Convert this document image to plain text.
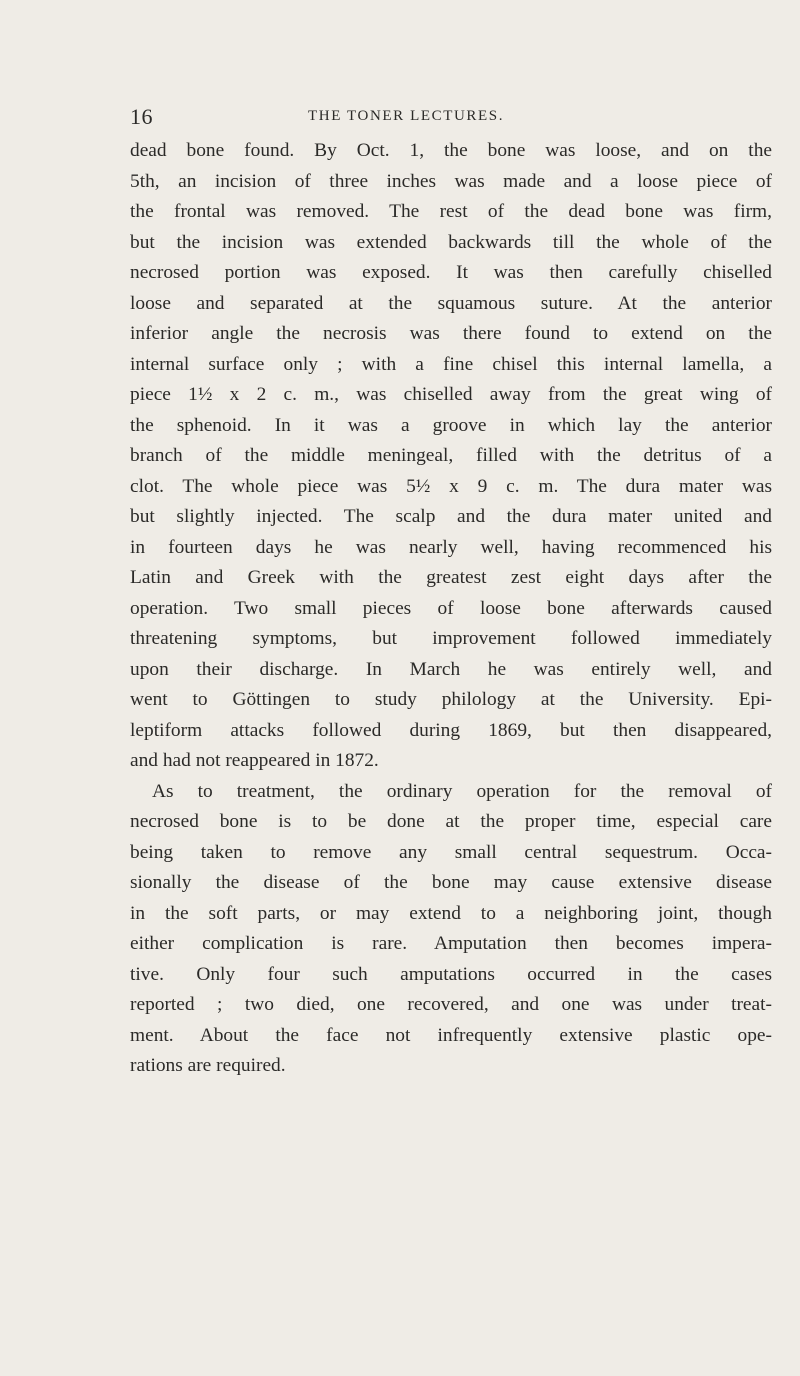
16	THE TONER LECTURES.
dead bone found. By Oct. 1, the bone was loose, and on the
5th, an incision of three inches was made and a loose piece of
the frontal was removed. The rest of the dead bone was firm,
but the incision was extended backwards till the whole of the
necrosed portion was exposed. It was then carefully chiselled
loose and separated at the squamous suture. At the anterior
inferior angle the necrosis was there found to extend on the
internal surface only ; with a fine chisel this internal lamella, a
piece 1½ x 2 c. m., was chiselled away from the great wing of
the sphenoid. In it was a groove in which lay the anterior
branch of the middle meningeal, filled with the detritus of a
clot. The whole piece was 5½ x 9 c. m. The dura mater was
but slightly injected. The scalp and the dura mater united and
in fourteen days he was nearly well, having recommenced his
Latin and Greek with the greatest zest eight days after the
operation. Two small pieces of loose bone afterwards caused
threatening symptoms, but improvement followed immediately
upon their discharge. In March he was entirely well, and
went to Göttingen to study philology at the University. Epi-
leptiform attacks followed during 1869, but then disappeared,
and had not reappeared in 1872.
As to treatment, the ordinary operation for the removal of
necrosed bone is to be done at the proper time, especial care
being taken to remove any small central sequestrum. Occa-
sionally the disease of the bone may cause extensive disease
in the soft parts, or may extend to a neighboring joint, though
either complication is rare. Amputation then becomes impera-
tive. Only four such amputations occurred in the cases
reported ; two died, one recovered, and one was under treat-
ment. About the face not infrequently extensive plastic ope-
rations are required.
